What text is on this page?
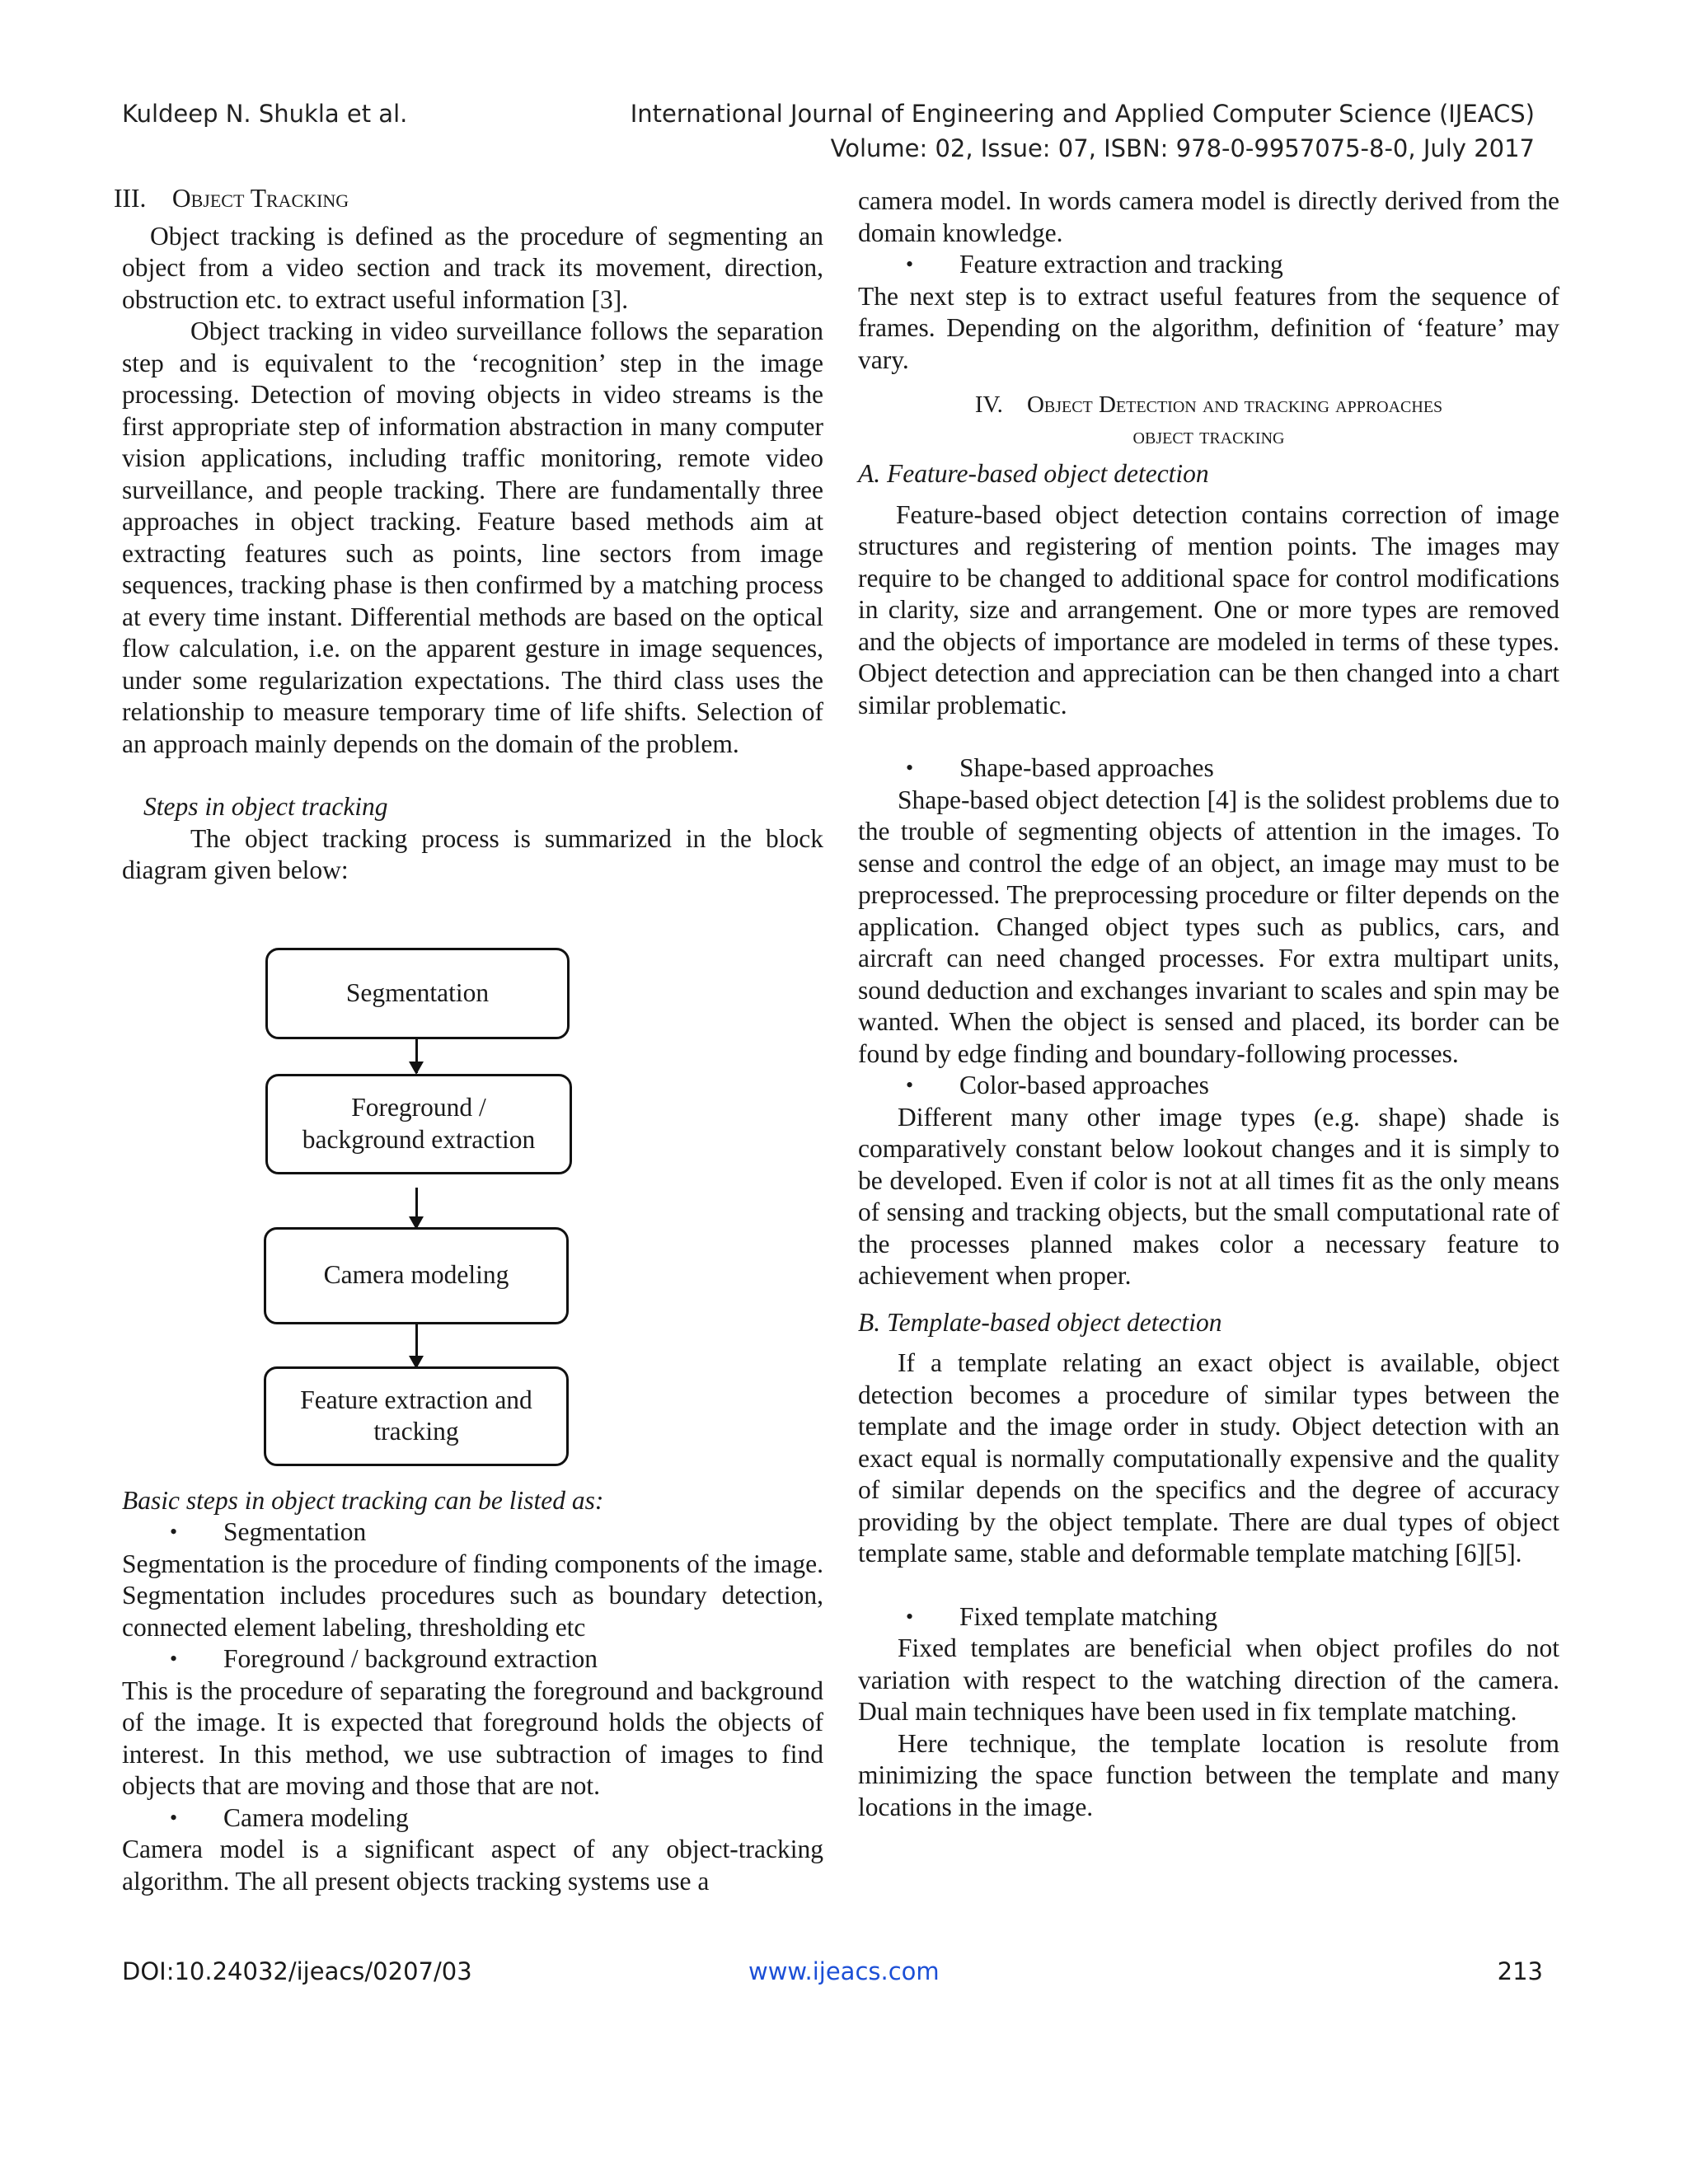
Kuldeep N. Shukla et al.	International Journal of Engineering and Applied Computer Science (IJEACS)
Volume: 02, Issue: 07, ISBN: 978-0-9957075-8-0, July 2017

III. Object Tracking

Object tracking is defined as the procedure of segmenting an object from a video section and track its movement, direction, obstruction etc. to extract useful information [3].

Object tracking in video surveillance follows the separation step and is equivalent to the ‘recognition’ step in the image processing. Detection of moving objects in video streams is the first appropriate step of information abstraction in many computer vision applications, including traffic monitoring, remote video surveillance, and people tracking. There are fundamentally three approaches in object tracking. Feature based methods aim at extracting features such as points, line sectors from image sequences, tracking phase is then confirmed by a matching process at every time instant. Differential methods are based on the optical flow calculation, i.e. on the apparent gesture in image sequences, under some regularization expectations. The third class uses the relationship to measure temporary time of life shifts. Selection of an approach mainly depends on the domain of the problem.

Steps in object tracking

The object tracking process is summarized in the block diagram given below:

Segmentation
Foreground /
background extraction
Camera modeling
Feature extraction and
tracking

Basic steps in object tracking can be listed as:

• Segmentation

Segmentation is the procedure of finding components of the image. Segmentation includes procedures such as boundary detection, connected element labeling, thresholding etc

• Foreground / background extraction

This is the procedure of separating the foreground and background of the image. It is expected that foreground holds the objects of interest. In this method, we use subtraction of images to find objects that are moving and those that are not.

• Camera modeling

Camera model is a significant aspect of any object-tracking algorithm. The all present objects tracking systems use a

camera model. In words camera model is directly derived from the domain knowledge.

• Feature extraction and tracking

The next step is to extract useful features from the sequence of frames. Depending on the algorithm, definition of ‘feature’ may vary.

IV. Object Detection and tracking approaches
object tracking

A. Feature-based object detection

Feature-based object detection contains correction of image structures and registering of mention points. The images may require to be changed to additional space for control modifications in clarity, size and arrangement. One or more types are removed and the objects of importance are modeled in terms of these types. Object detection and appreciation can be then changed into a chart similar problematic.

• Shape-based approaches

Shape-based object detection [4] is the solidest problems due to the trouble of segmenting objects of attention in the images. To sense and control the edge of an object, an image may must to be preprocessed. The preprocessing procedure or filter depends on the application. Changed object types such as publics, cars, and aircraft can need changed processes. For extra multipart units, sound deduction and exchanges invariant to scales and spin may be wanted. When the object is sensed and placed, its border can be found by edge finding and boundary-following processes.

• Color-based approaches

Different many other image types (e.g. shape) shade is comparatively constant below lookout changes and it is simply to be developed. Even if color is not at all times fit as the only means of sensing and tracking objects, but the small computational rate of the processes planned makes color a necessary feature to achievement when proper.

B. Template-based object detection

If a template relating an exact object is available, object detection becomes a procedure of similar types between the template and the image order in study. Object detection with an exact equal is normally computationally expensive and the quality of similar depends on the specifics and the degree of accuracy providing by the object template. There are dual types of object template same, stable and deformable template matching [6][5].

• Fixed template matching

Fixed templates are beneficial when object profiles do not variation with respect to the watching direction of the camera. Dual main techniques have been used in fix template matching.

Here technique, the template location is resolute from minimizing the space function between the template and many locations in the image.

DOI:10.24032/ijeacs/0207/03	www.ijeacs.com	213
